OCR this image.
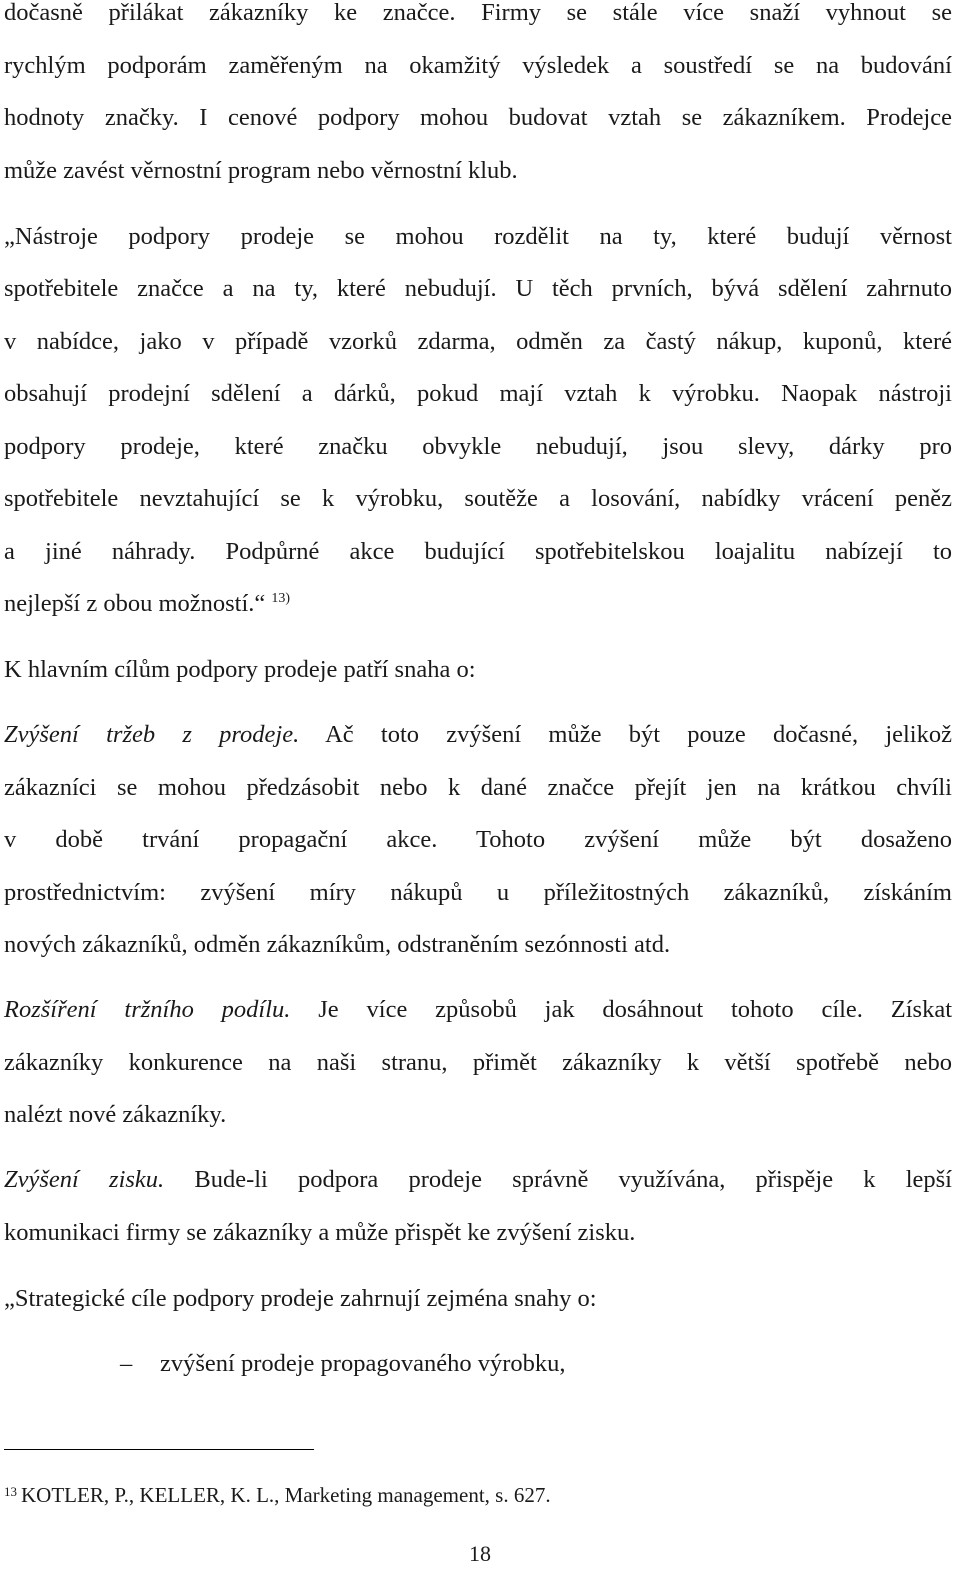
dočasně přilákat zákazníky ke značce. Firmy se stále více snaží vyhnout se
rychlým podporám zaměřeným na okamžitý výsledek a soustředí se na budování
hodnoty značky. I cenové podpory mohou budovat vztah se zákazníkem. Prodejce
může zavést věrnostní program nebo věrnostní klub.
„Nástroje podpory prodeje se mohou rozdělit na ty, které budují věrnost
spotřebitele značce a na ty, které nebudují. U těch prvních, bývá sdělení zahrnuto
v nabídce, jako v případě vzorků zdarma, odměn za častý nákup, kuponů, které
obsahují prodejní sdělení a dárků, pokud mají vztah k výrobku. Naopak nástroji
podpory prodeje, které značku obvykle nebudují, jsou slevy, dárky pro
spotřebitele nevztahující se k výrobku, soutěže a losování, nabídky vrácení peněz
a jiné náhrady. Podpůrné akce budující spotřebitelskou loajalitu nabízejí to
nejlepší z obou možností.“ $^{13)}$
K hlavním cílům podpory prodeje patří snaha o:
Zvýšení tržeb z prodeje. Ač toto zvýšení může být pouze dočasné, jelikož
zákazníci se mohou předzásobit nebo k dané značce přejít jen na krátkou chvíli
v době trvání propagační akce. Tohoto zvýšení může být dosaženo
prostřednictvím: zvýšení míry nákupů u příležitostných zákazníků, získáním
nových zákazníků, odměn zákazníkům, odstraněním sezónnosti atd.
Rozšíření tržního podílu. Je více způsobů jak dosáhnout tohoto cíle. Získat
zákazníky konkurence na naši stranu, přimět zákazníky k větší spotřebě nebo
nalézt nové zákazníky.
Zvýšení zisku. Bude-li podpora prodeje správně využívána, přispěje k lepší
komunikaci firmy se zákazníky a může přispět ke zvýšení zisku.
„Strategické cíle podpory prodeje zahrnují zejména snahy o:
– zvýšení prodeje propagovaného výrobku,
$^{13}$ KOTLER, P., KELLER, K. L., Marketing management, s. 627.
18
